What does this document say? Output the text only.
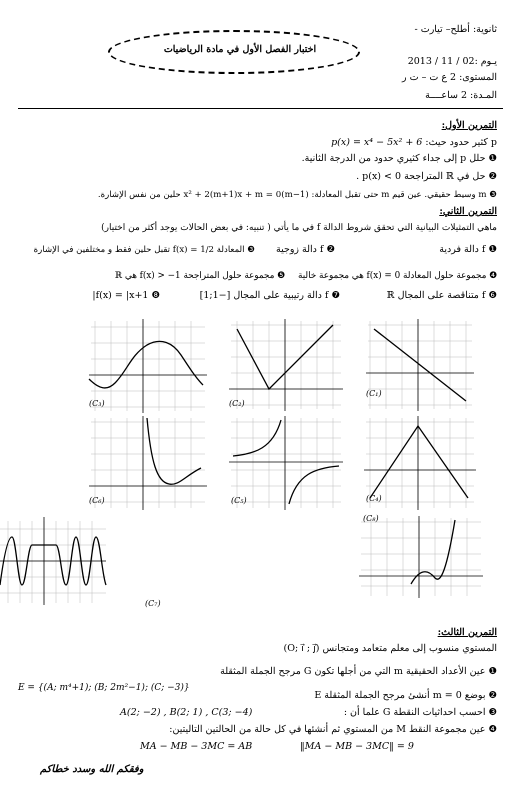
ثانوية: أطلح– تيارت -
يـوم :02 / 11 / 2013
اختبار الفصل الأول في مادة الرياضيات
المستوى: 2 ع ت – ت ر
المـدة: 2 ساعــــة
التمرين الأول:
p كثير حدود حيث: p(x) = x⁴ − 5x² + 6
❶ حلل p إلى جداء كثيري حدود من الدرجة الثانية.
❷ حل في ℝ المتراجحة p(x) < 0 .
❸ m وسيط حقيقي. عين قيم m حتى تقبل المعادلة: (m−1)x² + 2(m+1)x + m = 0 حلين من نفس الإشارة.
التمرين الثاني:
ماهي التمثيلات البيانية التي تحقق شروط الدالة f في ما يأتي ( تنبيه: في بعض الحالات يوجد أكثر من اختيار)
❶ f دالة فردية
❷ f دالة زوجية
❸ المعادلة f(x) = 1/2 تقبل حلين فقط و مختلفين في الإشارة
❹ مجموعة حلول المعادلة f(x) = 0 هي مجموعة خالية
❺ مجموعة حلول المتراجحة f(x) > −1 هي ℝ
❻ f متناقصة على المجال ℝ
❼ f دالة رتيبية على المجال [−1;1]
❽ f(x) = |x+1|
(C₁)
(C₂)
(C₃)
(C₄)
(C₅)
(C₆)
(C₈)
(C₇)
التمرين الثالث:
المستوي منسوب إلى معلم متعامد ومتجانس (O; i⃗ ; j⃗)
❶ عين الأعداد الحقيقية m التي من أجلها تكون G مرجح الجملة المثقلة
E = {(A; m⁴+1); (B; 2m²−1); (C; −3)}
❷ بوضع m = 0 أنشئ مرجح الجملة المثقلة E
❸ احسب احداثيات النقطة G علما أن :
A(2; −2) , B(2; 1) , C(3; −4)
❹ عين مجموعة النقط M من المستوي ثم أنشئها في كل حالة من الحالتين التاليتين:
‖MA − MB − 3MC‖ = 9
MA − MB − 3MC = AB
وفقكم الله وسدد خطاكم
